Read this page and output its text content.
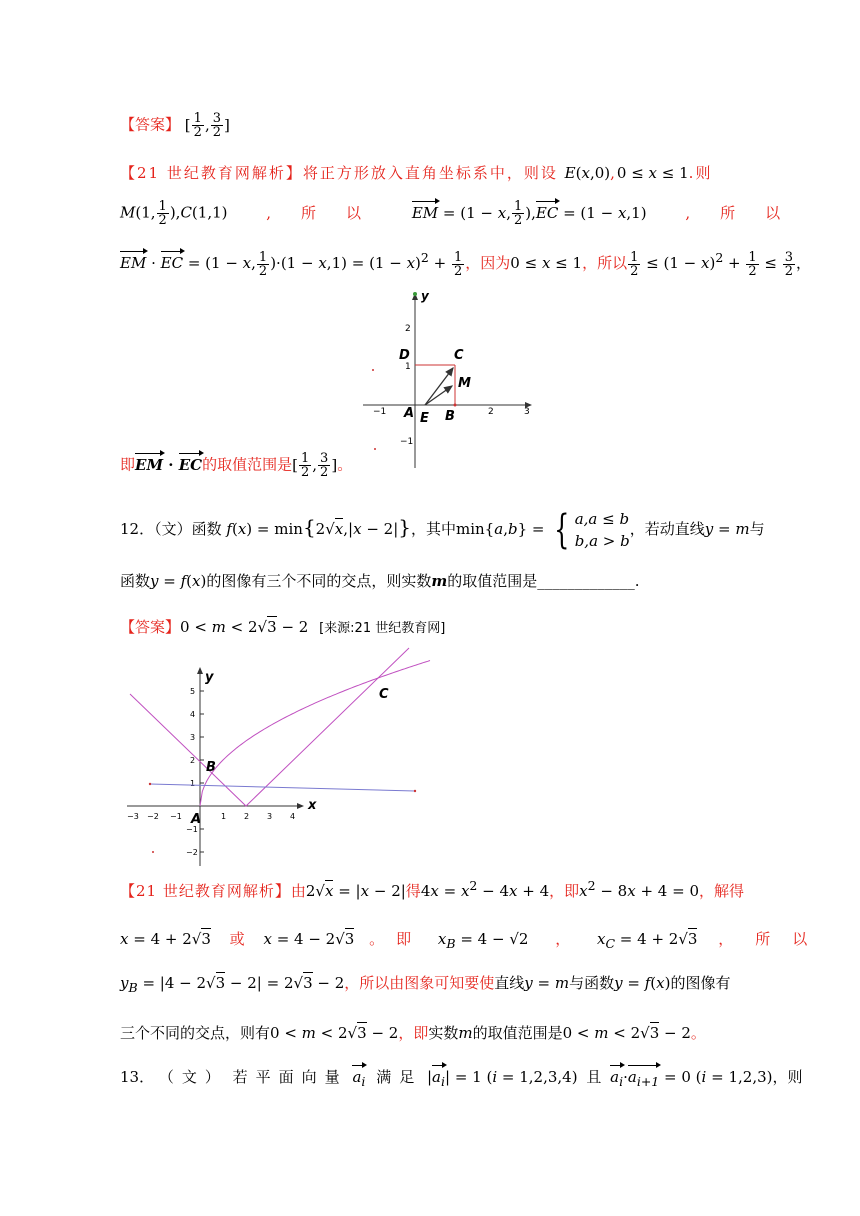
【答案】 [ $\frac{1}{2}$ , $\frac{3}{2}$ ]
【21 世纪教育网解析】将正方形放入直角坐标系中，则设 E(x,0),0 ≤ x ≤ 1.则
M(1, $\frac{1}{2} ),C(1,1)$ ,所以 EM = (1 − x, $\frac{1}{2} ),EC = (1 - x,1)$	,所以
EM · EC = (1 − x, $\frac{1}{2} )\cdot(1 - x,1) = (1 - x)^2 + \frac{1}{2}$ ，因为0 ≤ x ≤ 1，所以 $\frac{1}{2} \le (1 - x)^2 + \frac{1}{2} \le \frac{3}{2}$ ，
y
−1	2	3
2
1
−1
D	C
M
A E B
即EM · EC的取值范围是[ $\frac{1}{2}$ , $\frac{3}{2}$ ]。
12．（文）函数 f(x) = min{2√x,|x − 2|}，其中min{a,b} = { a,a ≤ b
b,a > b
，若动直线y = m与
函数y = f(x)的图像有三个不同的交点，则实数m的取值范围是_____________.
【答案】0 < m < 2√3 − 2 [来源:21 世纪教育网]
x
y
−3 −2 −1	1 2 3 4
5
4
3
2
1
−1
−2
B
C
A
【21 世纪教育网解析】由2√x = |x − 2|得$4x = x^2 - 4x + 4$，即$x^2 - 8x + 4 = 0$，解得
x = 4 + 2√3 或 x = 4 − 2√3 。即 $x_B = 4 - √2$ ， $x_C = 4 + 2√3$ ，所以
$y_B = |4 - 2√3 - 2| = 2√3 - 2$，所以由图象可知要使直线y = m与函数y = f(x)的图像有
三个不同的交点，则有0 < m < 2√3 − 2，即实数m的取值范围是0 < m < 2√3 − 2。
13． （文） 若平面向量 $a_i$ 满足 $|a_i| = 1$ (i = 1,2,3,4) 且 $a_i\cdot a_{i+1} = 0$ (i = 1,2,3)，则
